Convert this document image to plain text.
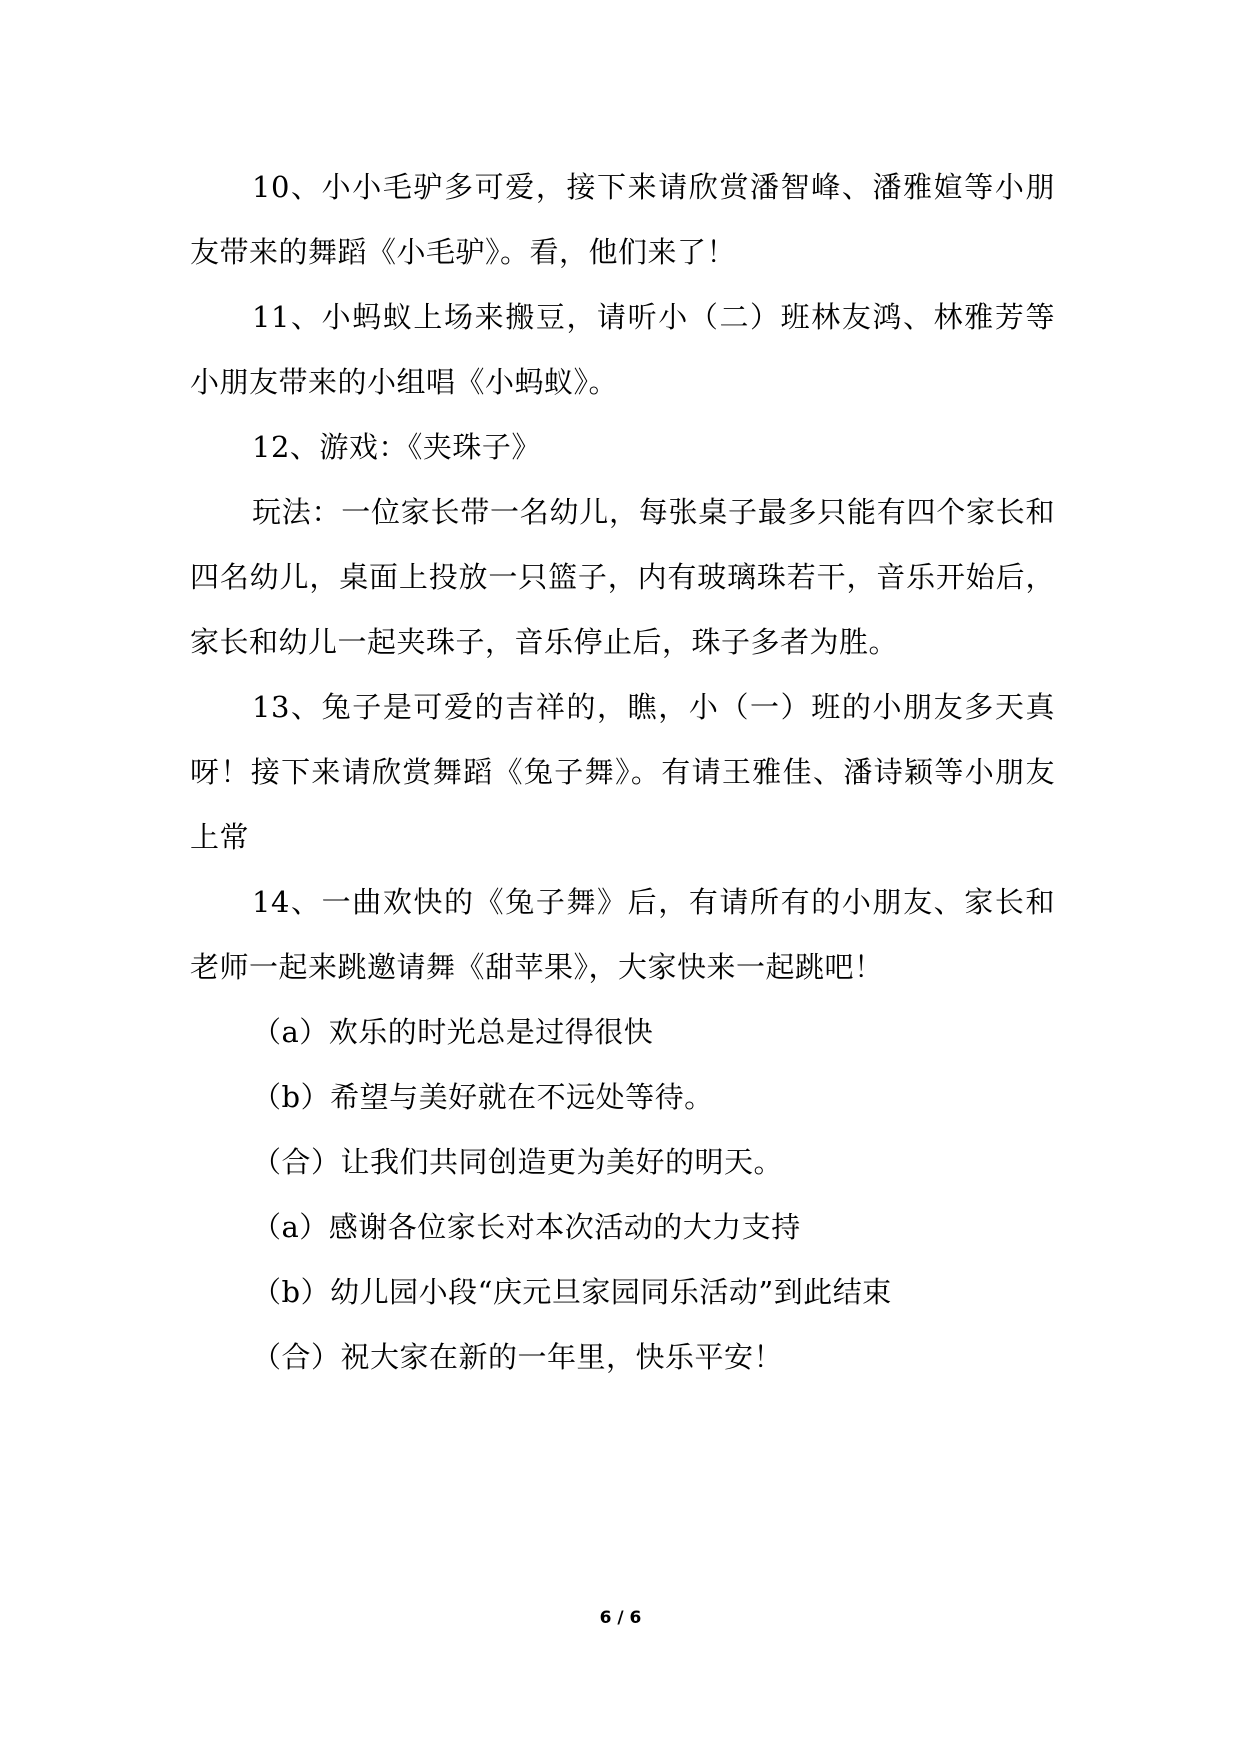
10、小小毛驴多可爱，接下来请欣赏潘智峰、潘雅媗等小朋友带来的舞蹈《小毛驴》。看，他们来了！

11、小蚂蚁上场来搬豆，请听小（二）班林友鸿、林雅芳等小朋友带来的小组唱《小蚂蚁》。

12、游戏：《夹珠子》

玩法：一位家长带一名幼儿，每张桌子最多只能有四个家长和四名幼儿，桌面上投放一只篮子，内有玻璃珠若干，音乐开始后，家长和幼儿一起夹珠子，音乐停止后，珠子多者为胜。

13、兔子是可爱的吉祥的，瞧，小（一）班的小朋友多天真呀！接下来请欣赏舞蹈《兔子舞》。有请王雅佳、潘诗颖等小朋友上常

14、一曲欢快的《兔子舞》后，有请所有的小朋友、家长和老师一起来跳邀请舞《甜苹果》，大家快来一起跳吧！

（a）欢乐的时光总是过得很快

（b）希望与美好就在不远处等待。

（合）让我们共同创造更为美好的明天。

（a）感谢各位家长对本次活动的大力支持

（b）幼儿园小段“庆元旦家园同乐活动”到此结束

（合）祝大家在新的一年里，快乐平安！

6 / 6
